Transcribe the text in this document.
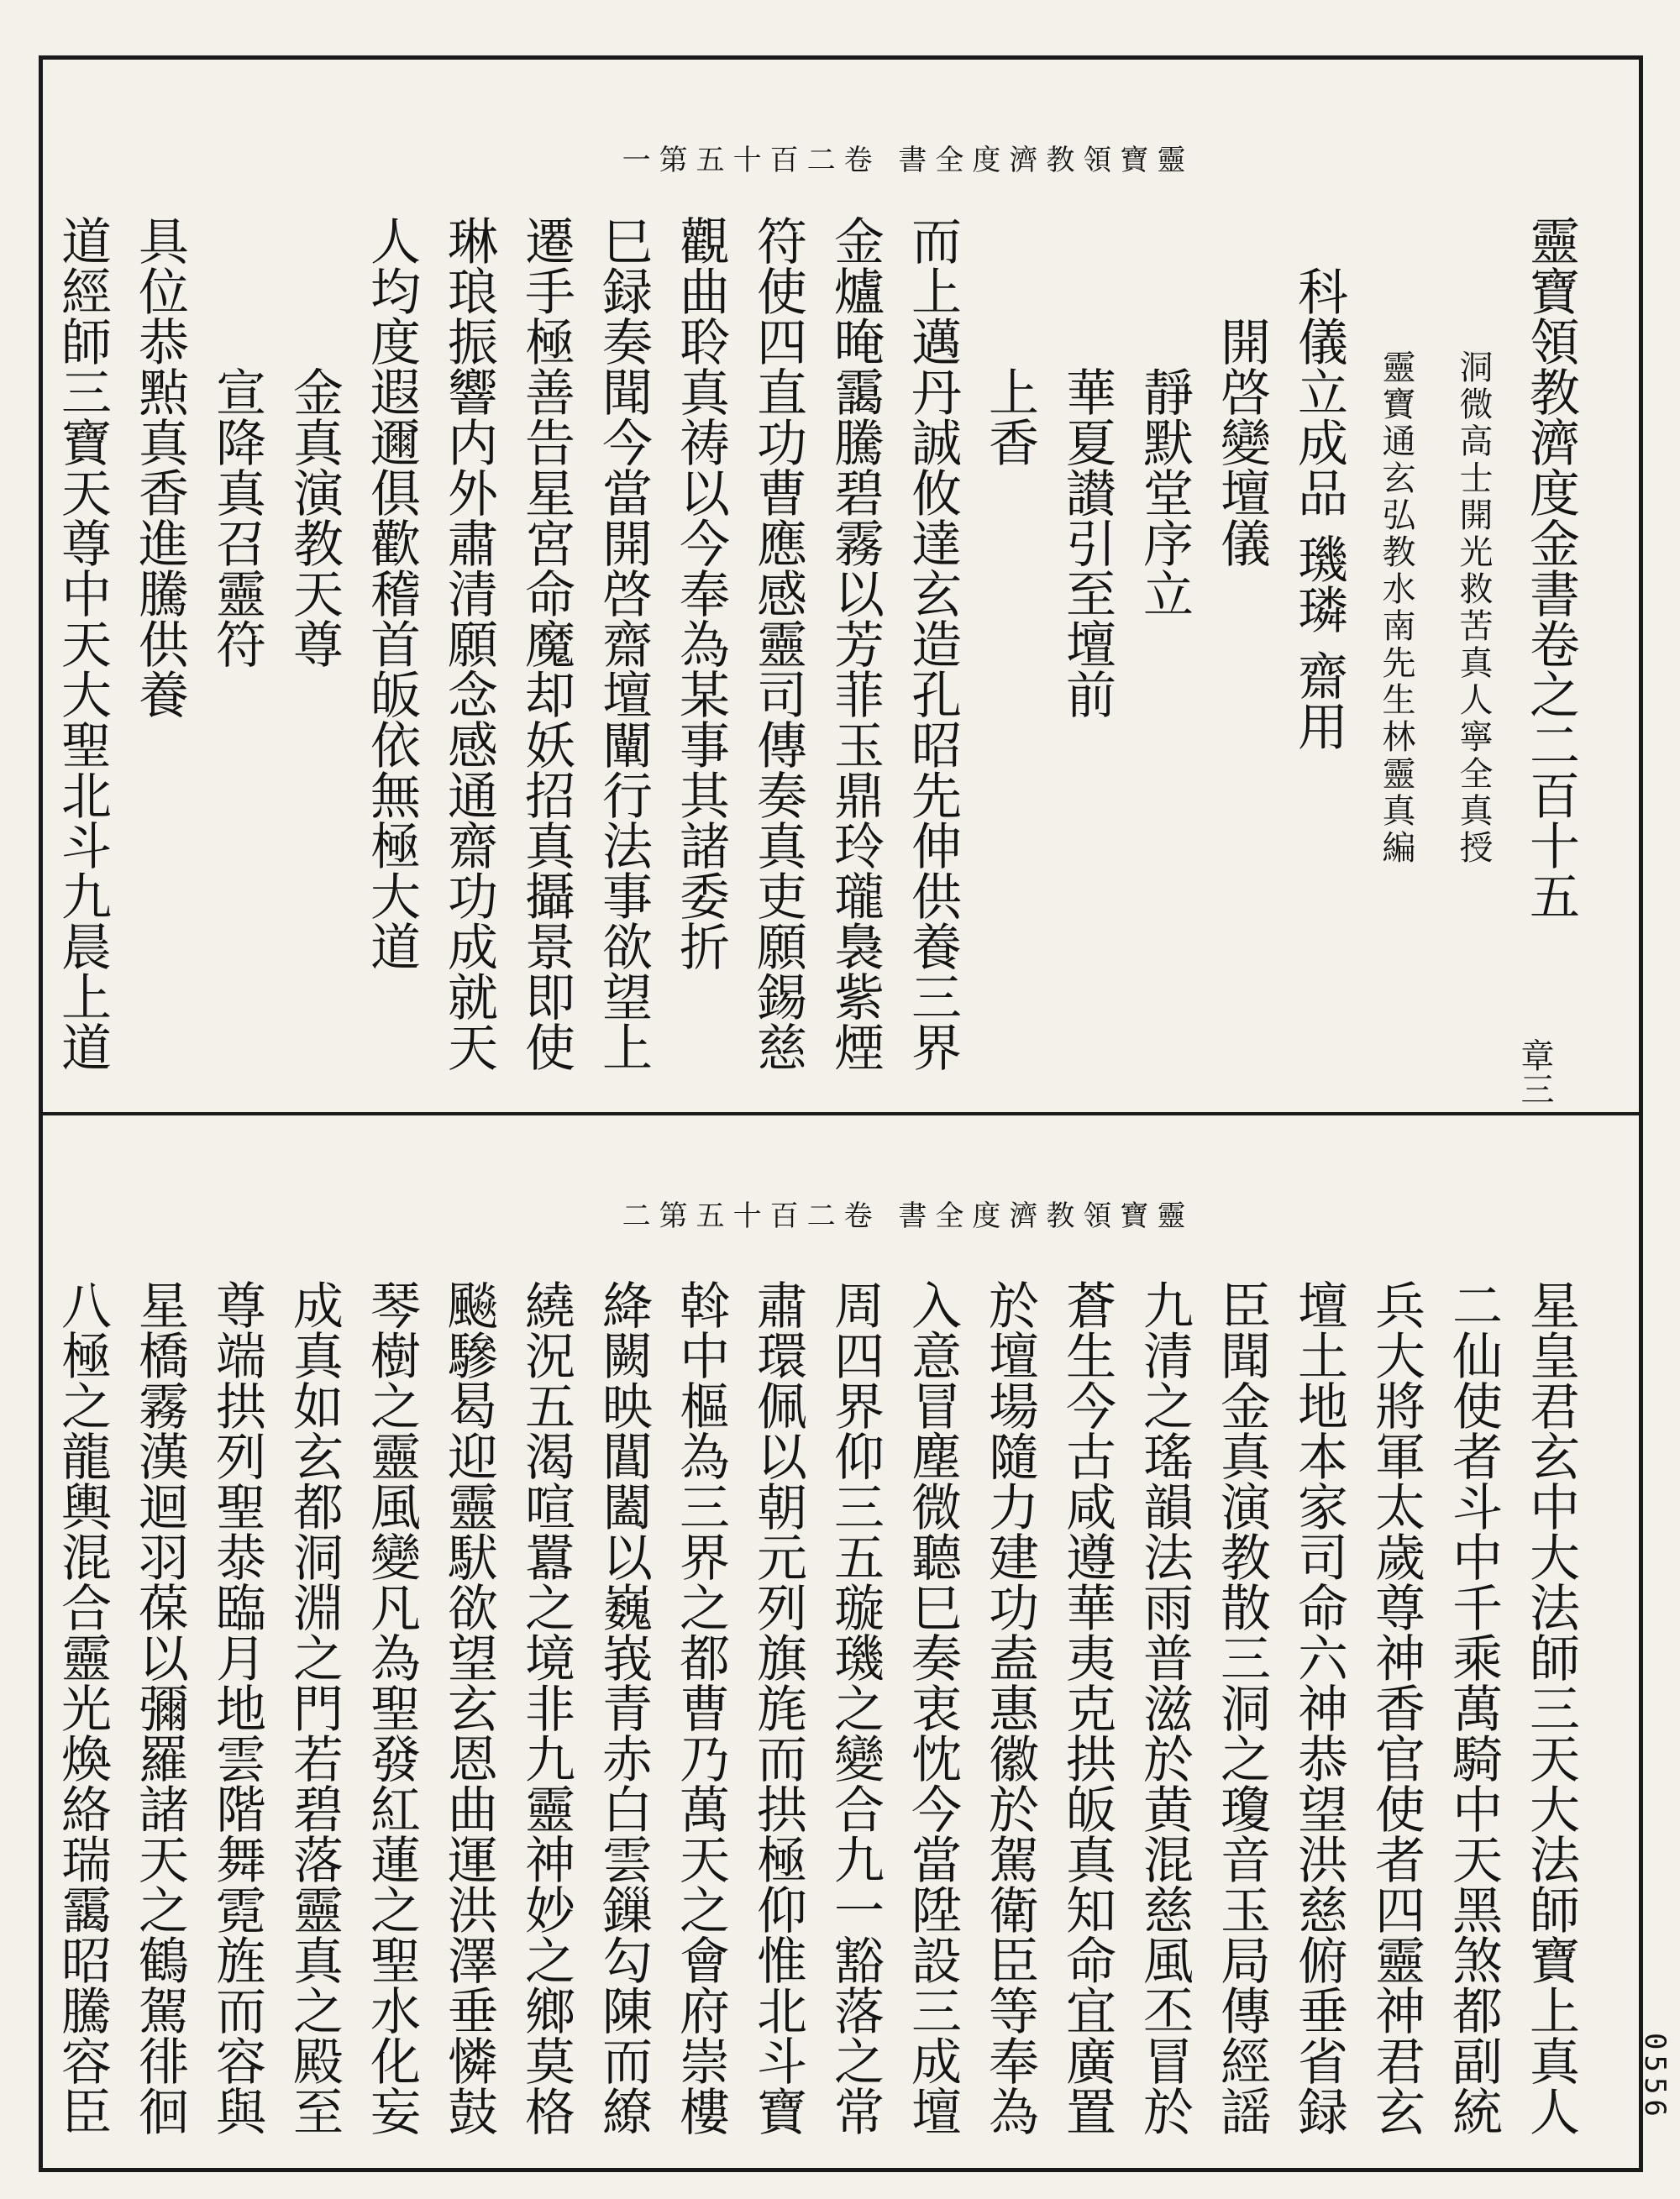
一第五十百二卷 書全度濟教領寶靈
章三
靈寶領教濟度金書卷之二百十五
洞微高士開光救苦真人寧全真授
靈寶通玄弘教水南先生林靈真編
科儀立成品 璣璘 齋用
開啓變壇儀
靜默堂序立
華夏讃引至壇前
上香
而上邁丹誠攸達玄造孔昭先伸供養三界
金爐晻靄騰碧霧以芳菲玉鼎玲瓏裊紫煙
符使四直功曹應感靈司傳奏真吏願錫慈
觀曲聆真祷以今奉為某事其諸委折
巳録奏聞今當開啓齋壇闡行法事欲望上
遷手極善告星宮命魔却妖招真攝景即使
琳琅振響内外肅清願念感通齋功成就天
人均度遐邇俱歡稽首皈依無極大道
金真演教天尊
宣降真召靈符
具位恭㸃真香進騰供養
道經師三寶天尊中天大聖北斗九晨上道
二第五十百二卷 書全度濟教領寶靈
星皇君玄中大法師三天大法師寶上真人
二仙使者斗中千乘萬騎中天黑煞都副統
兵大將軍太歲尊神香官使者四靈神君玄
壇土地本家司命六神恭望洪慈俯垂省録
臣聞金真演教散三洞之瓊音玉局傳經謡
九清之瑤韻法雨普滋於黄混慈風丕冒於
蒼生今古咸遵華夷克拱皈真知命宜廣置
於壇場隨力建功盍惠徽於駕衛臣等奉為
入意冒塵微聽巳奏衷忱今當陞設三成壇
周四界仰三五璇璣之變合九一豁落之常
肅環佩以朝元列旗旄而拱極仰惟北斗寶
斡中樞為三界之都曹乃萬天之會府崇樓
絳闕映閶闔以巍峩青赤白雲鏁勾陳而繚
繞況五渴喧囂之境非九靈神妙之鄉莫格
飈驂曷迎靈䭾欲望玄恩曲運洪澤垂憐鼓
琴樹之靈風變凡為聖發紅蓮之聖水化妄
成真如玄都洞淵之門若碧落靈真之殿至
尊端拱列聖㳟臨月地雲階舞霓旌而容與
星橋霧漢迴羽葆以彌羅諸天之鶴駕徘徊
八極之龍輿混合靈光煥絡瑞靄昭騰容臣	0556
